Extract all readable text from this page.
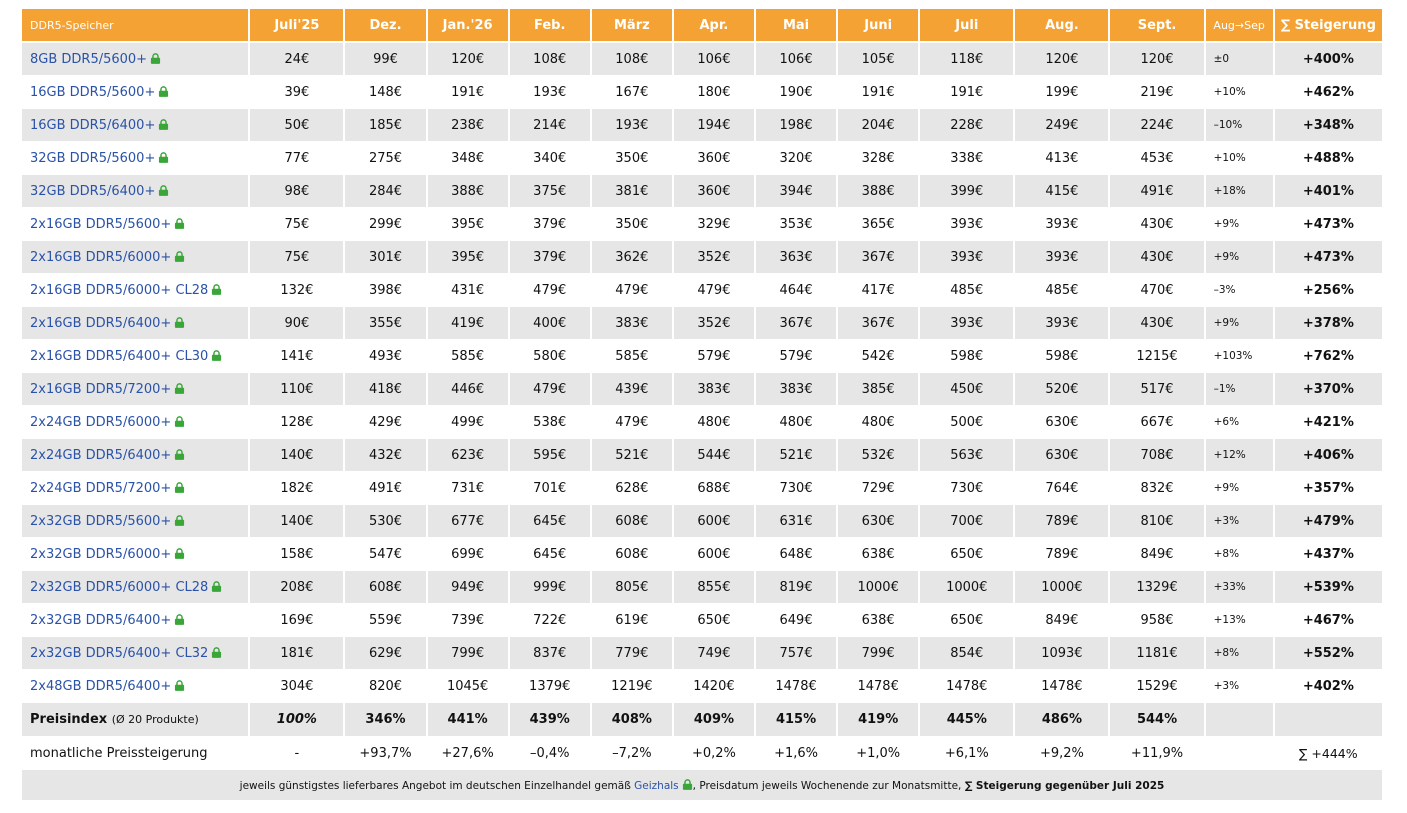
DDR5-Speicher	Juli'25	Dez.	Jan.'26	Feb.	März	Apr.	Mai	Juni	Juli	Aug.	Sept.	Aug→Sep	∑ Steigerung
8GB DDR5/5600+	24€	99€	120€	108€	108€	106€	106€	105€	118€	120€	120€	±0	+400%
16GB DDR5/5600+	39€	148€	191€	193€	167€	180€	190€	191€	191€	199€	219€	+10%	+462%
16GB DDR5/6400+	50€	185€	238€	214€	193€	194€	198€	204€	228€	249€	224€	–10%	+348%
32GB DDR5/5600+	77€	275€	348€	340€	350€	360€	320€	328€	338€	413€	453€	+10%	+488%
32GB DDR5/6400+	98€	284€	388€	375€	381€	360€	394€	388€	399€	415€	491€	+18%	+401%
2x16GB DDR5/5600+	75€	299€	395€	379€	350€	329€	353€	365€	393€	393€	430€	+9%	+473%
2x16GB DDR5/6000+	75€	301€	395€	379€	362€	352€	363€	367€	393€	393€	430€	+9%	+473%
2x16GB DDR5/6000+ CL28	132€	398€	431€	479€	479€	479€	464€	417€	485€	485€	470€	–3%	+256%
2x16GB DDR5/6400+	90€	355€	419€	400€	383€	352€	367€	367€	393€	393€	430€	+9%	+378%
2x16GB DDR5/6400+ CL30	141€	493€	585€	580€	585€	579€	579€	542€	598€	598€	1215€	+103%	+762%
2x16GB DDR5/7200+	110€	418€	446€	479€	439€	383€	383€	385€	450€	520€	517€	–1%	+370%
2x24GB DDR5/6000+	128€	429€	499€	538€	479€	480€	480€	480€	500€	630€	667€	+6%	+421%
2x24GB DDR5/6400+	140€	432€	623€	595€	521€	544€	521€	532€	563€	630€	708€	+12%	+406%
2x24GB DDR5/7200+	182€	491€	731€	701€	628€	688€	730€	729€	730€	764€	832€	+9%	+357%
2x32GB DDR5/5600+	140€	530€	677€	645€	608€	600€	631€	630€	700€	789€	810€	+3%	+479%
2x32GB DDR5/6000+	158€	547€	699€	645€	608€	600€	648€	638€	650€	789€	849€	+8%	+437%
2x32GB DDR5/6000+ CL28	208€	608€	949€	999€	805€	855€	819€	1000€	1000€	1000€	1329€	+33%	+539%
2x32GB DDR5/6400+	169€	559€	739€	722€	619€	650€	649€	638€	650€	849€	958€	+13%	+467%
2x32GB DDR5/6400+ CL32	181€	629€	799€	837€	779€	749€	757€	799€	854€	1093€	1181€	+8%	+552%
2x48GB DDR5/6400+	304€	820€	1045€	1379€	1219€	1420€	1478€	1478€	1478€	1478€	1529€	+3%	+402%
Preisindex (Ø 20 Produkte)	100%	346%	441%	439%	408%	409%	415%	419%	445%	486%	544%		
monatliche Preissteigerung	-	+93,7%	+27,6%	–0,4%	–7,2%	+0,2%	+1,6%	+1,0%	+6,1%	+9,2%	+11,9%		∑ +444%
jeweils günstigstes lieferbares Angebot im deutschen Einzelhandel gemäß Geizhals , Preisdatum jeweils Wochenende zur Monatsmitte, ∑ Steigerung gegenüber Juli 2025													
